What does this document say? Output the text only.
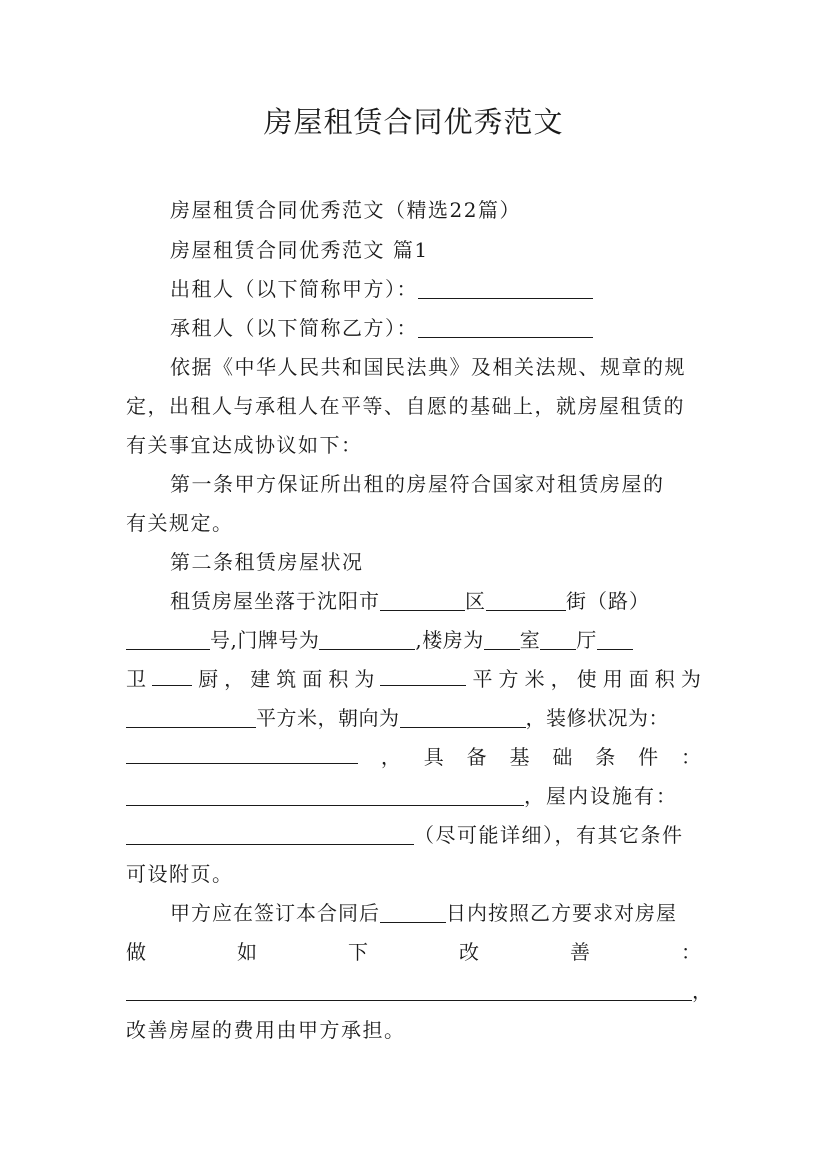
房屋租赁合同优秀范文
房屋租赁合同优秀范文（精选22篇）
房屋租赁合同优秀范文 篇1
出租人（以下简称甲方）：
承租人（以下简称乙方）：
依据《中华人民共和国民法典》及相关法规、规章的规
定，出租人与承租人在平等、自愿的基础上，就房屋租赁的
有关事宜达成协议如下：
第一条甲方保证所出租的房屋符合国家对租赁房屋的
有关规定。
第二条租赁房屋状况
租赁房屋坐落于沈阳市	区	街（路）
号,门牌号为	,楼房为 室 厅
卫	厨 ， 建 筑 面 积 为	平 方 米 ， 使 用 面 积 为
平方米，朝向为	，装修状况为：
， 具 备 基 础 条 件 ：
，屋内设施有：
（尽可能详细），有其它条件
可设附页。
甲方应在签订本合同后	日内按照乙方要求对房屋
做	如	下	改	善	：
，
改善房屋的费用由甲方承担。
